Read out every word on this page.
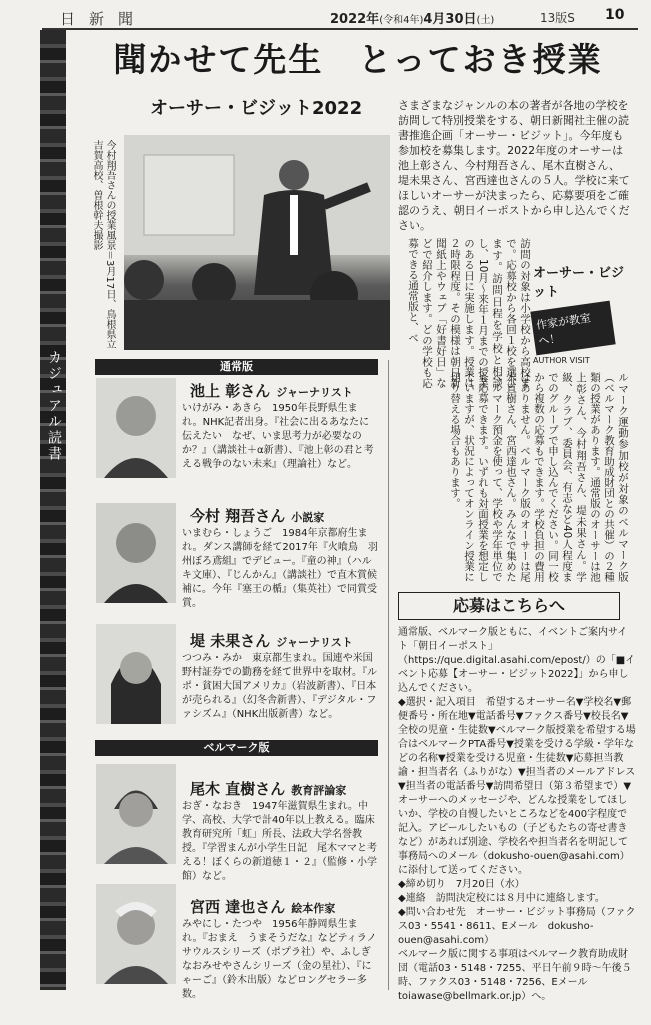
日新聞	2022年(令和4年)4月30日(土)	13版S 10
カジュアル読書
聞かせて先生　とっておき授業
オーサー・ビジット2022
今村翔吾さんの授業風景＝3月17日、鳥根県立吉賀高校、曽根幹夫撮影
さまざまなジャンルの本の著者が各地の学校を訪問して特別授業をする、朝日新聞社主催の読書推進企画「オーサー・ビジット」。今年度も参加校を募集します。2022年度のオーサーは池上彰さん、今村翔吾さん、尾木直樹さん、堤未果さん、宮西達也さんの５人。学校に来てほしいオーサーが決まったら、応募要項をご確認のうえ、朝日イーポストから申し込んでください。
訪問の対象は小学校から高校まで。応募校から各回１校を選びます。訪問日程を学校と相談し、10月～来年１月までの授業のある日に実施します。授業は２時限程度。その模様は朝日新聞紙上やウェブ「好書好日」などで紹介します。どの学校も応募できる通常版と、ベ	オーサー・ビジット
作家が教室へ！
AUTHOR VISIT
ルマーク運動参加校が対象のベルマーク版（ベルマーク教育助成財団との共催）の２種類の授業があります。通常版のオーサーは池上彰さん、今村翔吾さん、堤未果さん。学級、クラブ、委員会、有志など40人程度までのグループで申し込んでください。同一校から複数の応募もできます。学校負担の費用はありません。ベルマーク版のオーサーは尾木直樹さん、宮西達也さん。みんなで集めたベルマーク預金を使って、学校や学年単位でも応募できます。いずれも対面授業を想定していますが、状況によってオンライン授業に切り替える場合もあります。
通常版
ベルマーク版
池上 彰さん ジャーナリスト
いけがみ・あきら　1950年長野県生まれ。NHK記者出身。『社会に出るあなたに伝えたい　なぜ、いま思考力が必要なのか？』（講談社＋α新書）、『池上彰の君と考える戦争のない未来』（理論社）など。
今村 翔吾さん 小説家
いまむら・しょうご　1984年京都府生まれ。ダンス講師を経て2017年『火喰鳥　羽州ぼろ鳶組』でデビュー。『童の神』（ハルキ文庫）、『じんかん』（講談社）で直木賞候補に。今年『塞王の楯』（集英社）で同賞受賞。
堤 未果さん ジャーナリスト
つつみ・みか　東京都生まれ。国連や米国野村証券での勤務を経て世界中を取材。『ルポ・貧困大国アメリカ』（岩波新書）、『日本が売られる』（幻冬舎新書）、『デジタル・ファシズム』（NHK出版新書）など。
尾木 直樹さん 教育評論家
おぎ・なおき　1947年滋賀県生まれ。中学、高校、大学で計40年以上教える。臨床教育研究所「虹」所長、法政大学名誉教授。『学習まんが小学生日記　尾木ママと考える！ぼくらの新道徳１・２』（監修・小学館）など。
宮西 達也さん 絵本作家
みやにし・たつや　1956年静岡県生まれ。『おまえ　うまそうだな』などティラノサウルスシリーズ（ポプラ社）や、ふしぎなおみせやさんシリーズ（金の星社）、『にゃーご』（鈴木出版）などロングセラー多数。
応募はこちらへ

通常版、ベルマーク版ともに、イベントご案内サイト「朝日イーポスト」（https://que.digital.asahi.com/epost/）の「■イベント応募【オーサー・ビジット2022】」から申し込んでください。

◆選択・記入項目　希望するオーサー名▼学校名▼郵便番号・所在地▼電話番号▼ファクス番号▼校長名▼全校の児童・生徒数▼ベルマーク版授業を希望する場合はベルマークPTA番号▼授業を受ける学級・学年などの名称▼授業を受ける児童・生徒数▼応募担当教諭・担当者名（ふりがな）▼担当者のメールアドレス▼担当者の電話番号▼訪問希望日（第３希望まで）▼オーサーへのメッセージや、どんな授業をしてほしいか、学校の自慢したいところなどを400字程度で記入。アピールしたいもの（子どもたちの寄せ書きなど）があれば別途、学校名や担当者名を明記して事務局へのメール（dokusho-ouen@asahi.com）に添付して送ってください。

◆締め切り　7月20日（水）

◆連絡　訪問決定校には８月中に連絡します。

◆問い合わせ先　オーサー・ビジット事務局（ファクス03・5541・8611、Eメール　dokusho-ouen@asahi.com）

ベルマーク版に関する事項はベルマーク教育助成財団（電話03・5148・7255、平日午前９時～午後５時、ファクス03・5148・7256、Eメール　toiawase@bellmark.or.jp）へ。
